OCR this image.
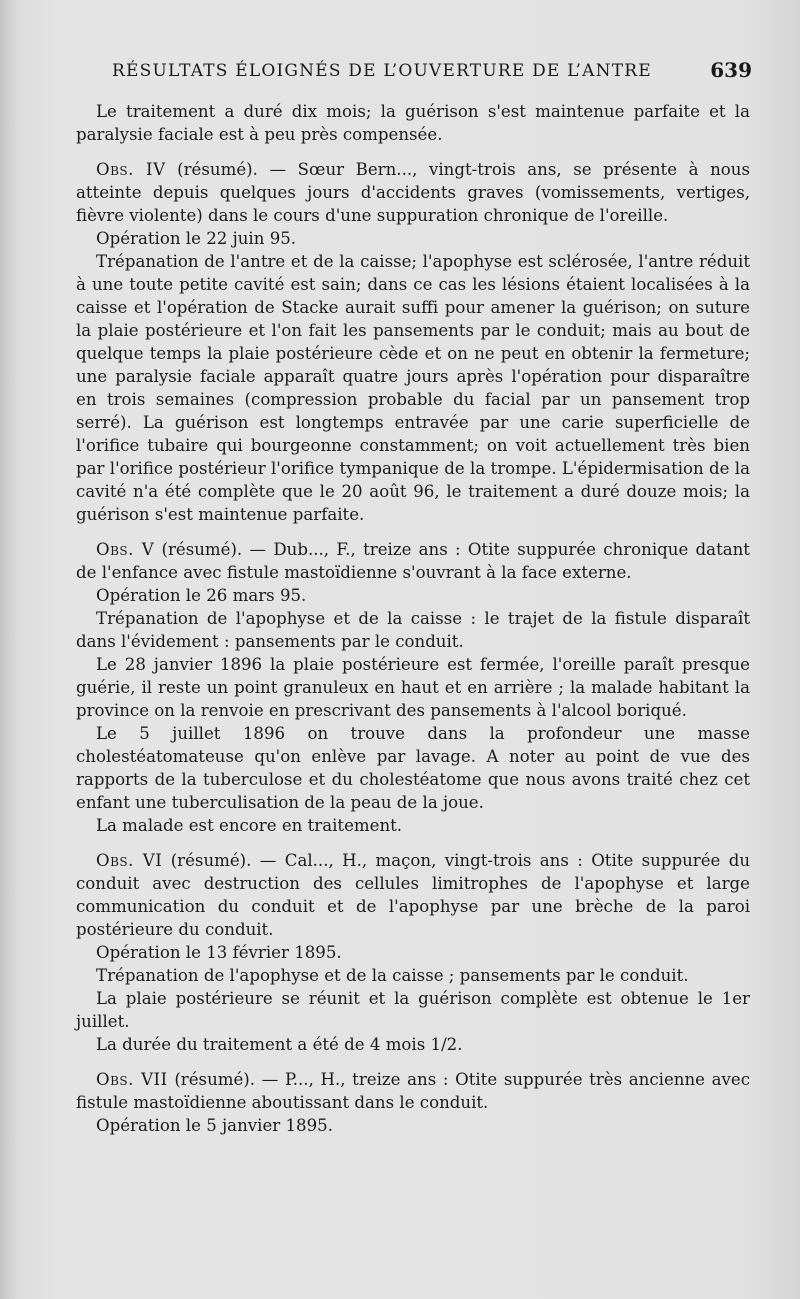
RÉSULTATS ÉLOIGNÉS DE L’OUVERTURE DE L’ANTRE	639

Le traitement a duré dix mois; la guérison s'est maintenue parfaite et la paralysie faciale est à peu près compensée.

Obs. IV (résumé). — Sœur Bern..., vingt-trois ans, se présente à nous atteinte depuis quelques jours d'accidents graves (vomissements, vertiges, fièvre violente) dans le cours d'une suppuration chronique de l'oreille.

Opération le 22 juin 95.

Trépanation de l'antre et de la caisse; l'apophyse est sclérosée, l'antre réduit à une toute petite cavité est sain; dans ce cas les lésions étaient localisées à la caisse et l'opération de Stacke aurait suffi pour amener la guérison; on suture la plaie postérieure et l'on fait les pansements par le conduit; mais au bout de quelque temps la plaie postérieure cède et on ne peut en obtenir la fermeture; une paralysie faciale apparaît quatre jours après l'opération pour disparaître en trois semaines (compression probable du facial par un pansement trop serré). La guérison est longtemps entravée par une carie superficielle de l'orifice tubaire qui bourgeonne constamment; on voit actuellement très bien par l'orifice postérieur l'orifice tympanique de la trompe. L'épidermisation de la cavité n'a été complète que le 20 août 96, le traitement a duré douze mois; la guérison s'est maintenue parfaite.

Obs. V (résumé). — Dub..., F., treize ans : Otite suppurée chronique datant de l'enfance avec fistule mastoïdienne s'ouvrant à la face externe.

Opération le 26 mars 95.

Trépanation de l'apophyse et de la caisse : le trajet de la fistule disparaît dans l'évidement : pansements par le conduit.

Le 28 janvier 1896 la plaie postérieure est fermée, l'oreille paraît presque guérie, il reste un point granuleux en haut et en arrière ; la malade habitant la province on la renvoie en prescrivant des pansements à l'alcool boriqué.

Le 5 juillet 1896 on trouve dans la profondeur une masse cholestéatomateuse qu'on enlève par lavage. A noter au point de vue des rapports de la tuberculose et du cholestéatome que nous avons traité chez cet enfant une tuberculisation de la peau de la joue.

La malade est encore en traitement.

Obs. VI (résumé). — Cal..., H., maçon, vingt-trois ans : Otite suppurée du conduit avec destruction des cellules limitrophes de l'apophyse et large communication du conduit et de l'apophyse par une brèche de la paroi postérieure du conduit.

Opération le 13 février 1895.

Trépanation de l'apophyse et de la caisse ; pansements par le conduit.

La plaie postérieure se réunit et la guérison complète est obtenue le 1er juillet.

La durée du traitement a été de 4 mois 1/2.

Obs. VII (résumé). — P..., H., treize ans : Otite suppurée très ancienne avec fistule mastoïdienne aboutissant dans le conduit.

Opération le 5 janvier 1895.
